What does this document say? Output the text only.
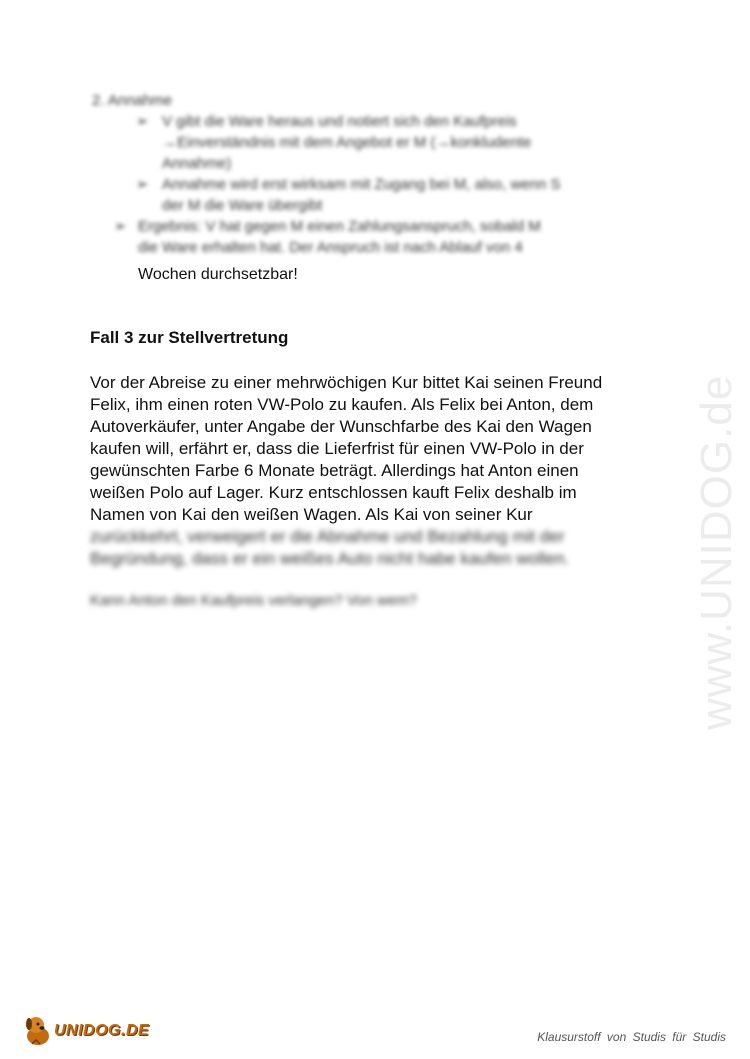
2. Annahme

➢ V gibt die Ware heraus und notiert sich den Kaufpreis
→Einverständnis mit dem Angebot er M (→konkludente
Annahme)
➢ Annahme wird erst wirksam mit Zugang bei M, also, wenn S
der M die Ware übergibt
➢ Ergebnis: V hat gegen M einen Zahlungsanspruch, sobald M
die Ware erhalten hat. Der Anspruch ist nach Ablauf von 4
Wochen durchsetzbar!
Fall 3 zur Stellvertretung
Vor der Abreise zu einer mehrwöchigen Kur bittet Kai seinen Freund
Felix, ihm einen roten VW-Polo zu kaufen. Als Felix bei Anton, dem
Autoverkäufer, unter Angabe der Wunschfarbe des Kai den Wagen
kaufen will, erfährt er, dass die Lieferfrist für einen VW-Polo in der
gewünschten Farbe 6 Monate beträgt. Allerdings hat Anton einen
weißen Polo auf Lager. Kurz entschlossen kauft Felix deshalb im
Namen von Kai den weißen Wagen. Als Kai von seiner Kur
zurückkehrt, verweigert er die Abnahme und Bezahlung mit der
Begründung, dass er ein weißes Auto nicht habe kaufen wollen.
Kann Anton den Kaufpreis verlangen? Von wem?	www.UNIDOG.de
UNIDOG.DE	Klausurstoff von Studis für Studis
